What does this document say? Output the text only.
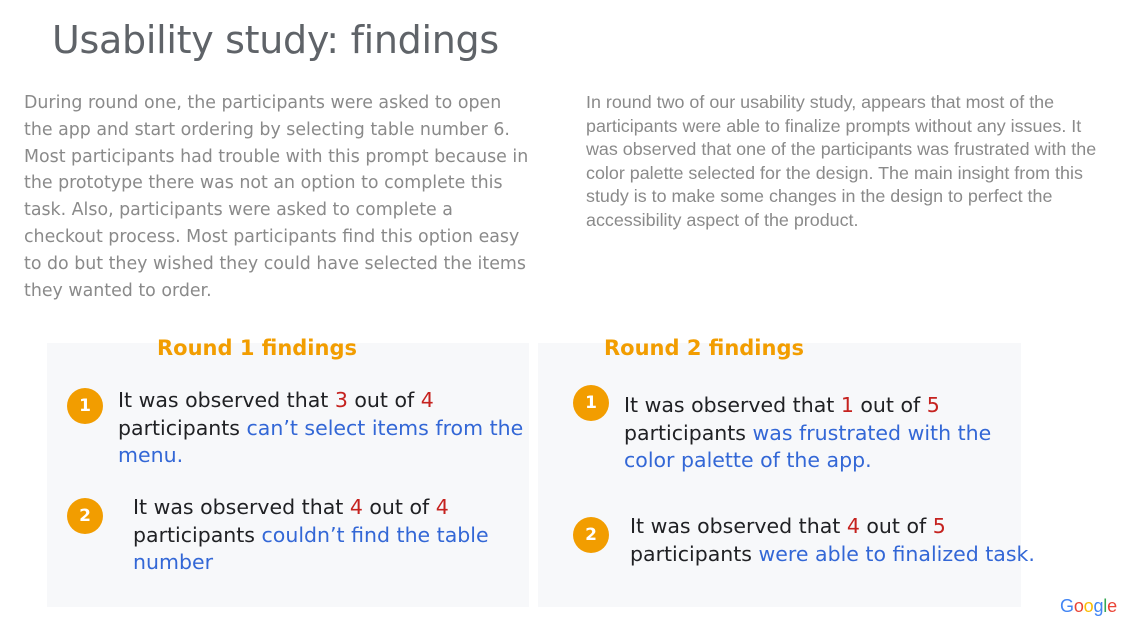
Usability study: findings

During round one, the participants were asked to open the app and start ordering by selecting table number 6. Most participants had trouble with this prompt because in the prototype there was not an option to complete this task. Also, participants were asked to complete a checkout process. Most participants find this option easy to do but they wished they could have selected the items they wanted to order.

In round two of our usability study, appears that most of the participants were able to finalize prompts without any issues. It was observed that one of the participants was frustrated with the color palette selected for the design. The main insight from this study is to make some changes in the design to perfect the accessibility aspect of the product.

Round 1 findings
1	It was observed that 3 out of 4
participants can’t select items from the menu.

2	It was observed that 4 out of 4
participants couldn’t find the table number

Round 2 findings
1	It was observed that 1 out of 5
participants was frustrated with the color palette of the app.

2	It was observed that 4 out of 5
participants were able to finalized task.

Google
